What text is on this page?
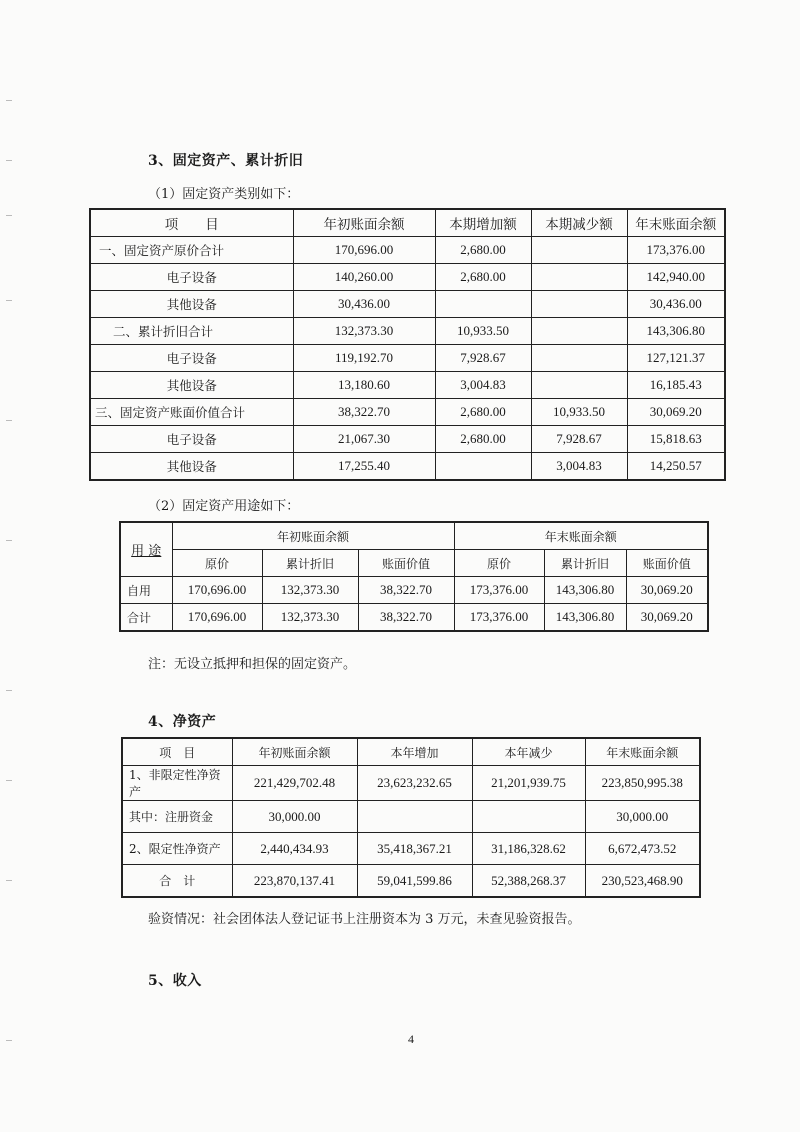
3、固定资产、累计折旧
（1）固定资产类别如下：
项　　目	年初账面余额	本期增加额	本期减少额	年末账面余额
一、固定资产原价合计	170,696.00	2,680.00		173,376.00
电子设备	140,260.00	2,680.00		142,940.00
其他设备	30,436.00			30,436.00
二、累计折旧合计	132,373.30	10,933.50		143,306.80
电子设备	119,192.70	7,928.67		127,121.37
其他设备	13,180.60	3,004.83		16,185.43
三、固定资产账面价值合计	38,322.70	2,680.00	10,933.50	30,069.20
电子设备	21,067.30	2,680.00	7,928.67	15,818.63
其他设备	17,255.40		3,004.83	14,250.57
（2）固定资产用途如下：
用 途	年初账面余额			年末账面余额		
	原价	累计折旧	账面价值	原价	累计折旧	账面价值
自用	170,696.00	132,373.30	38,322.70	173,376.00	143,306.80	30,069.20
合计	170,696.00	132,373.30	38,322.70	173,376.00	143,306.80	30,069.20
注：无设立抵押和担保的固定资产。
4、净资产
项　目	年初账面余额	本年增加	本年减少	年末账面余额
1、非限定性净资产	221,429,702.48	23,623,232.65	21,201,939.75	223,850,995.38
其中：注册资金	30,000.00			30,000.00
2、限定性净资产	2,440,434.93	35,418,367.21	31,186,328.62	6,672,473.52
合　计	223,870,137.41	59,041,599.86	52,388,268.37	230,523,468.90
验资情况：社会团体法人登记证书上注册资本为 3 万元，未查见验资报告。
5、收入
4
